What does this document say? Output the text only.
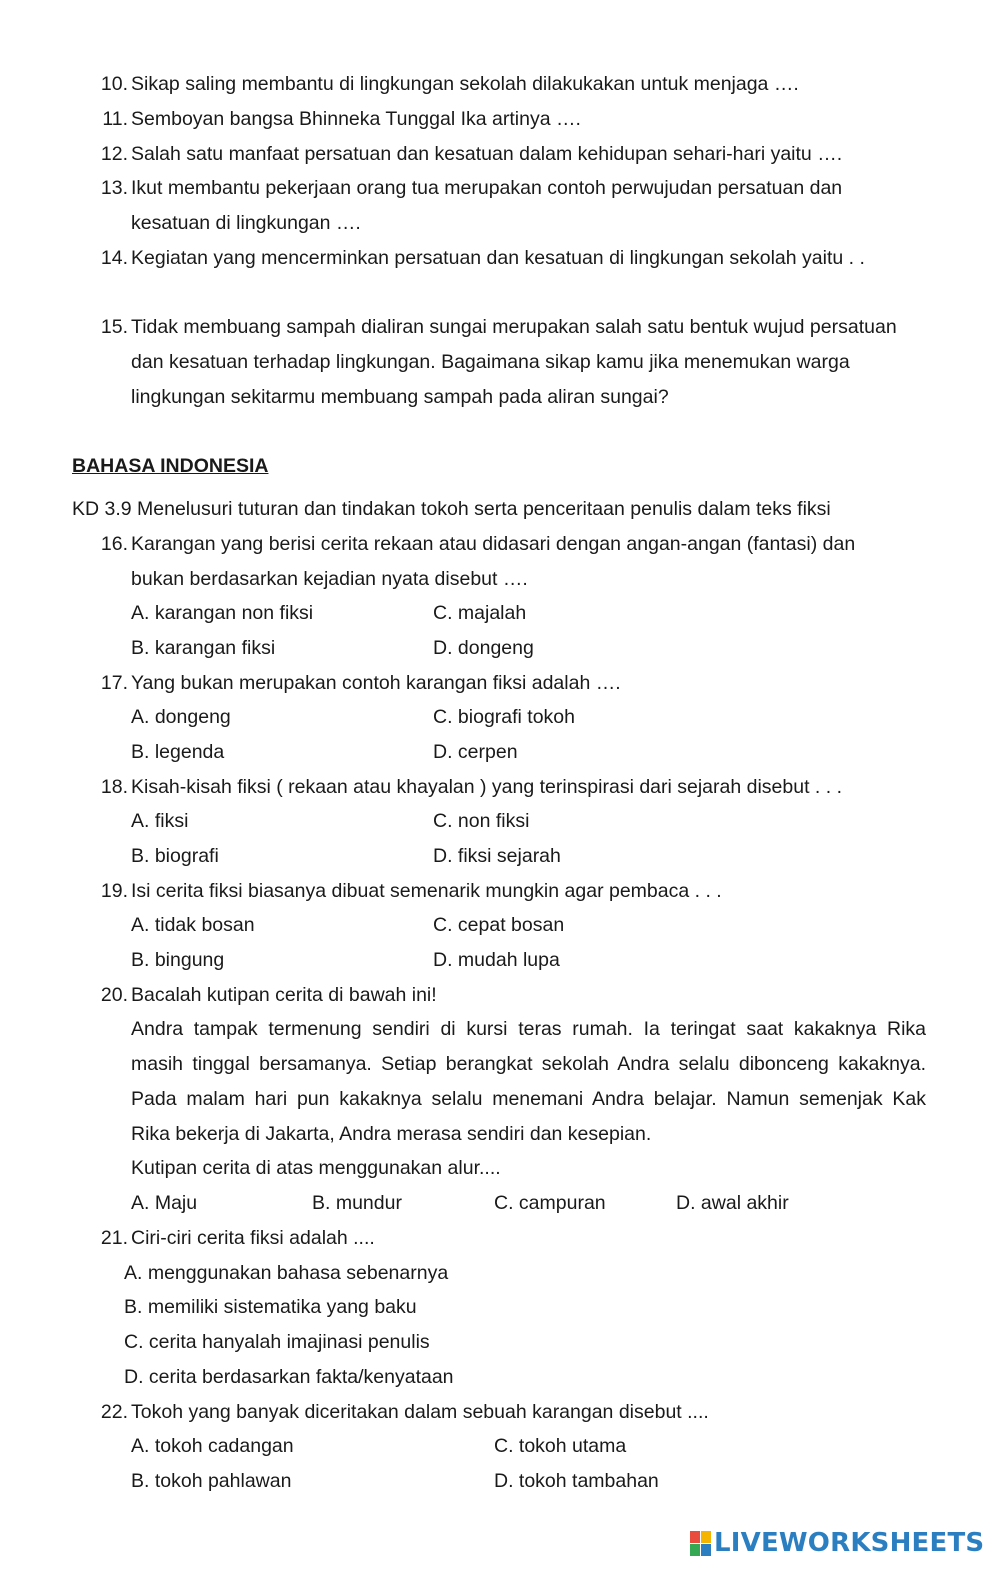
10. Sikap saling membantu di lingkungan sekolah dilakukakan untuk menjaga ….
11. Semboyan bangsa Bhinneka Tunggal Ika artinya ….
12. Salah satu manfaat persatuan dan kesatuan dalam kehidupan sehari-hari yaitu ….
13. Ikut membantu pekerjaan orang tua merupakan contoh perwujudan persatuan dan
kesatuan di lingkungan ….
14. Kegiatan yang mencerminkan persatuan dan kesatuan di lingkungan sekolah yaitu . .
15. Tidak membuang sampah dialiran sungai merupakan salah satu bentuk wujud persatuan
dan kesatuan terhadap lingkungan. Bagaimana sikap kamu jika menemukan warga
lingkungan sekitarmu membuang sampah pada aliran sungai?
BAHASA INDONESIA
KD 3.9 Menelusuri tuturan dan tindakan tokoh serta penceritaan penulis dalam teks fiksi
16. Karangan yang berisi cerita rekaan atau didasari dengan angan-angan (fantasi) dan
bukan berdasarkan kejadian nyata disebut ….
A. karangan non fiksi	C. majalah
B. karangan fiksi	D. dongeng
17. Yang bukan merupakan contoh karangan fiksi adalah ….
A. dongeng	C. biografi tokoh
B. legenda	D. cerpen
18. Kisah-kisah fiksi ( rekaan atau khayalan ) yang terinspirasi dari sejarah disebut . . .
A. fiksi	C. non fiksi
B. biografi	D. fiksi sejarah
19. Isi cerita fiksi biasanya dibuat semenarik mungkin agar pembaca . . .
A. tidak bosan	C. cepat bosan
B. bingung	D. mudah lupa
20. Bacalah kutipan cerita di bawah ini!
Andra tampak termenung sendiri di kursi teras rumah. Ia teringat saat kakaknya Rika
masih tinggal bersamanya. Setiap berangkat sekolah Andra selalu dibonceng kakaknya.
Pada malam hari pun kakaknya selalu menemani Andra belajar. Namun semenjak Kak
Rika bekerja di Jakarta, Andra merasa sendiri dan kesepian.
Kutipan cerita di atas menggunakan alur....
A. Maju	B. mundur	C. campuran	D. awal akhir
21. Ciri-ciri cerita fiksi adalah ....
A. menggunakan bahasa sebenarnya
B. memiliki sistematika yang baku
C. cerita hanyalah imajinasi penulis
D. cerita berdasarkan fakta/kenyataan
22. Tokoh yang banyak diceritakan dalam sebuah karangan disebut ....
A. tokoh cadangan	C. tokoh utama
B. tokoh pahlawan	D. tokoh tambahan
LIVEWORKSHEETS
